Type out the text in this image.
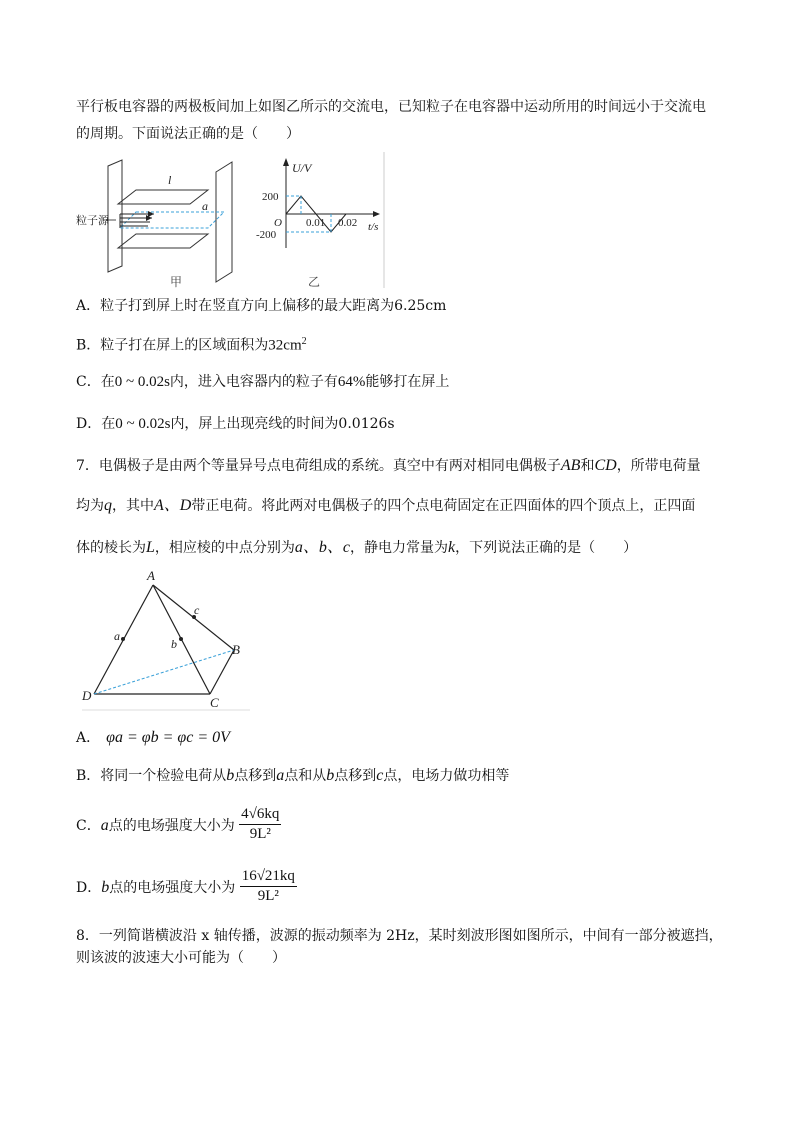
平行板电容器的两极板间加上如图乙所示的交流电，已知粒子在电容器中运动所用的时间远小于交流电
的周期。下面说法正确的是（　　）
粒子源
l
a
甲
U/V
200
O
-200
0.01 0.02 t/s
乙
A．粒子打到屏上时在竖直方向上偏移的最大距离为6.25cm
B．粒子打在屏上的区域面积为$32cm^2$
C．在0 ~ 0.02s内，进入电容器内的粒子有64%能够打在屏上
D．在0 ~ 0.02s内，屏上出现亮线的时间为0.0126s
7．电偶极子是由两个等量异号点电荷组成的系统。真空中有两对相同电偶极子AB和CD，所带电荷量
均为q，其中A、D带正电荷。将此两对电偶极子的四个点电荷固定在正四面体的四个顶点上，正四面
体的棱长为L，相应棱的中点分别为a、b、c，静电力常量为k，下列说法正确的是（　　）
A
B
C
D
a
b
c
A． φa = φb = φc = 0V
B．将同一个检验电荷从b点移到a点和从b点移到c点，电场力做功相等
C．a点的电场强度大小为 $\frac{4√6kq}{\text{9L²}}$
D．b点的电场强度大小为 $\frac{16√21kq}{\text{9L²}}$
8．一列简谐横波沿 x 轴传播，波源的振动频率为 2Hz，某时刻波形图如图所示，中间有一部分被遮挡，
则该波的波速大小可能为（　　）
